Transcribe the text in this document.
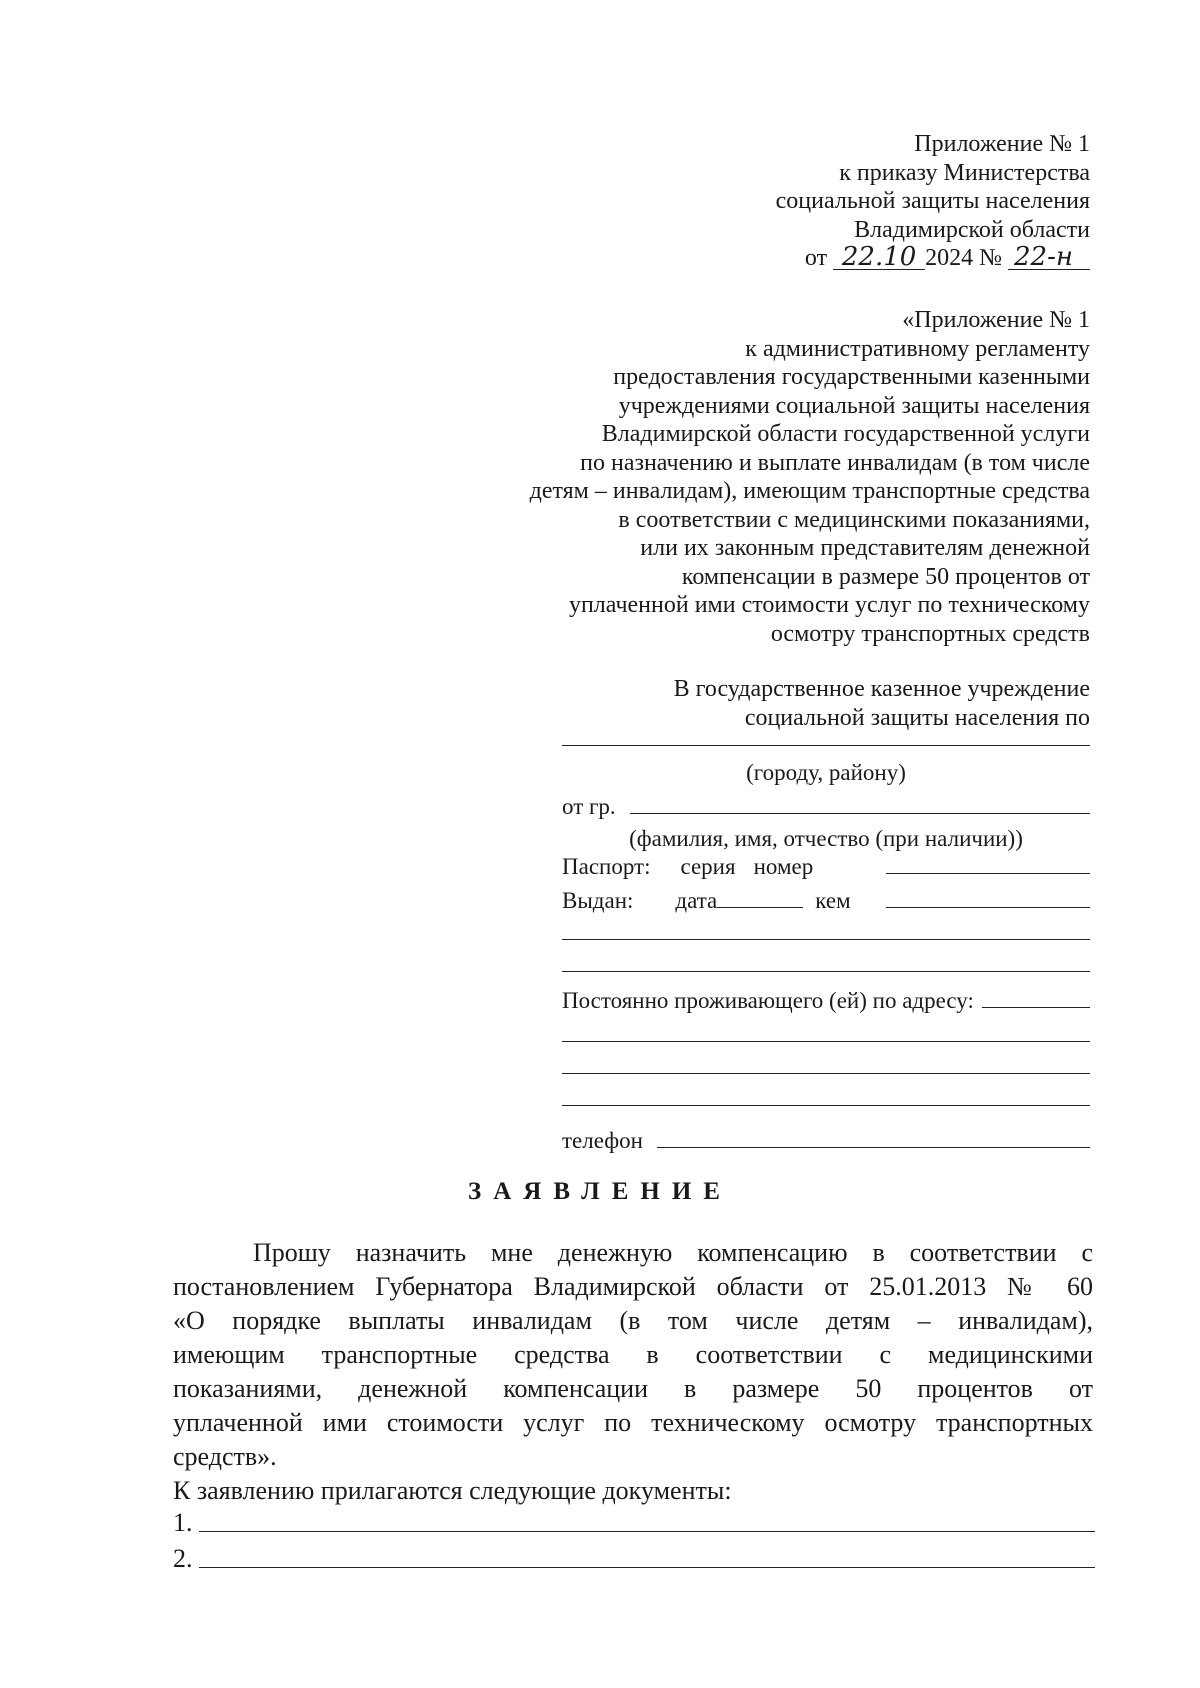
Приложение № 1
к приказу Министерства
социальной защиты населения
Владимирской области
от 22.10 2024 № 22-н
«Приложение № 1
к административному регламенту
предоставления государственными казенными
учреждениями социальной защиты населения
Владимирской области государственной услуги
по назначению и выплате инвалидам (в том числе
детям – инвалидам), имеющим транспортные средства
в соответствии с медицинскими показаниями,
или их законным представителям денежной
компенсации в размере 50 процентов от
уплаченной ими стоимости услуг по техническому
осмотру транспортных средств
В государственное казенное учреждение
социальной защиты населения по
(городу, району)
от гр.
(фамилия, имя, отчество (при наличии))
Паспорт: серия номер
Выдан: дата	кем
Постоянно проживающего (ей) по адресу:
телефон
ЗАЯВЛЕНИЕ
Прошу назначить мне денежную компенсацию в соответствии с
постановлением Губернатора Владимирской области от 25.01.2013 № 60
«О порядке выплаты инвалидам (в том числе детям – инвалидам),
имеющим транспортные средства в соответствии с медицинскими
показаниями, денежной компенсации в размере 50 процентов от
уплаченной ими стоимости услуг по техническому осмотру транспортных
средств».
К заявлению прилагаются следующие документы:
1.
2.
